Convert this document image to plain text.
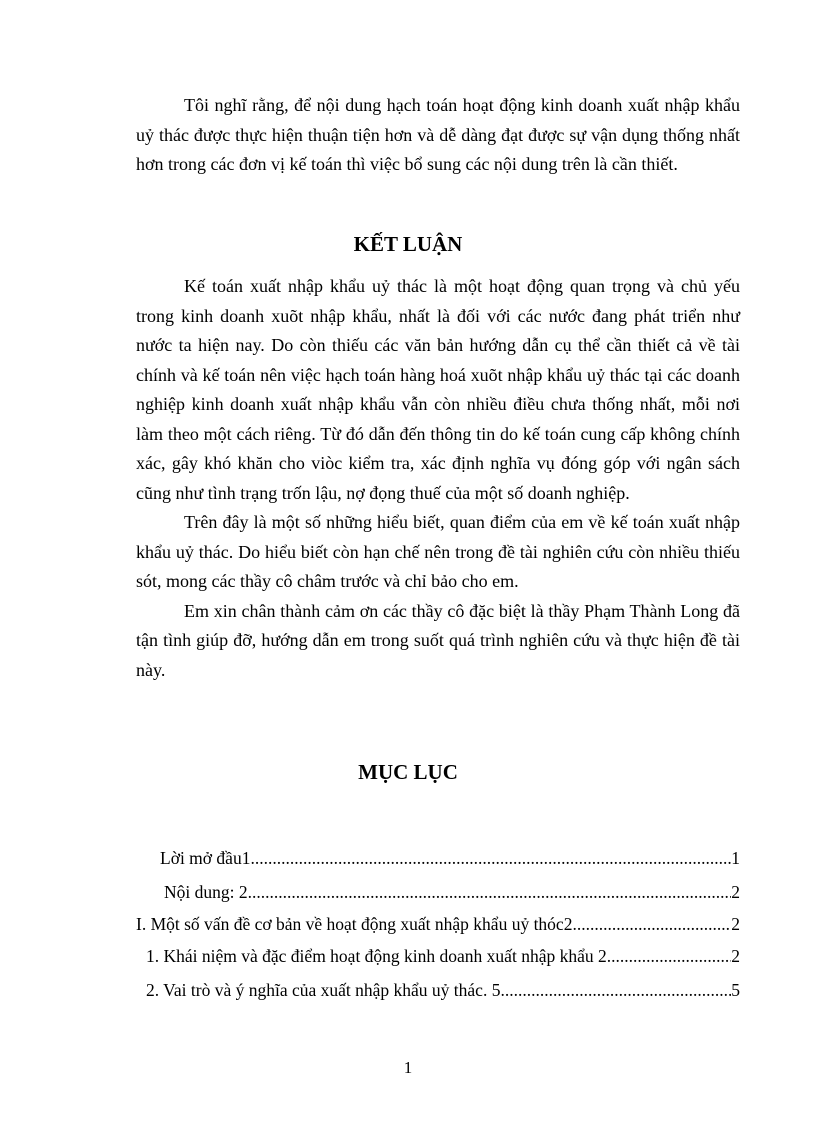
Tôi nghĩ rằng, để nội dung hạch toán hoạt động kinh doanh xuất nhập khẩu uỷ thác được thực hiện thuận tiện hơn và dễ dàng đạt được sự vận dụng thống nhất hơn trong các đơn vị kế toán thì việc bổ sung các nội dung trên là cần thiết.

KẾT LUẬN

Kế toán xuất nhập khẩu uỷ thác là một hoạt động quan trọng và chủ yếu trong kinh doanh xuõt nhập khẩu, nhất là đối với các nước đang phát triển như nước ta hiện nay. Do còn thiếu các văn bản hướng dẫn cụ thể cần thiết cả về tài chính và kế toán nên việc hạch toán hàng hoá xuõt nhập khẩu uỷ thác tại các doanh nghiệp kinh doanh xuất nhập khẩu vẫn còn nhiều điều chưa thống nhất, mỗi nơi làm theo một cách riêng. Từ đó dẫn đến thông tin do kế toán cung cấp không chính xác, gây khó khăn cho viòc kiểm tra, xác định nghĩa vụ đóng góp với ngân sách cũng như tình trạng trốn lậu, nợ đọng thuế của một số doanh nghiệp.

Trên đây là một số những hiểu biết, quan điểm của em về kế toán xuất nhập khẩu uỷ thác. Do hiểu biết còn hạn chế nên trong đề tài nghiên cứu còn nhiều thiếu sót, mong các thầy cô châm trước và chỉ bảo cho em.

Em xin chân thành cảm ơn các thầy cô đặc biệt là thầy Phạm Thành Long đã tận tình giúp đỡ, hướng dẫn em trong suốt quá trình nghiên cứu và thực hiện đề tài này.

MỤC LỤC
Lời mở đầu1 .....	1
Nội dung: 2 .....	2
I. Một số vấn đề cơ bản về hoạt động xuất nhập khẩu uỷ thóc2 .....	2
1. Khái niệm và đặc điểm hoạt động kinh doanh xuất nhập khẩu 2 .....	2
2. Vai trò và ý nghĩa của xuất nhập khẩu uỷ thác. 5 .....	5
1
